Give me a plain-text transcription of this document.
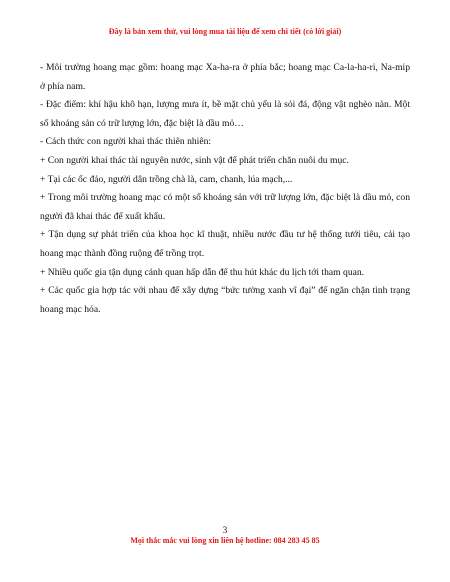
Đây là bản xem thử, vui lòng mua tài liệu để xem chi tiết (có lời giải)

- Môi trường hoang mạc gồm: hoang mạc Xa-ha-ra ở phía bắc; hoang mạc Ca-la-ha-ri, Na-mip ở phía nam.

- Đặc điểm: khí hậu khô hạn, lượng mưa ít, bề mặt chủ yếu là sỏi đá, động vật nghèo nàn. Một số khoáng sản có trữ lượng lớn, đặc biệt là dầu mỏ…

- Cách thức con người khai thác thiên nhiên:

+ Con người khai thác tài nguyên nước, sinh vật để phát triển chăn nuôi du mục.

+ Tại các ốc đảo, người dân trồng chà là, cam, chanh, lúa mạch,...

+ Trong môi trường hoang mạc có một số khoáng sản với trữ lượng lớn, đặc biệt là dầu mỏ, con người đã khai thác để xuất khẩu.

+ Tận dụng sự phát triển của khoa học kĩ thuật, nhiều nước đầu tư hệ thống tưới tiêu, cải tạo hoang mạc thành đồng ruộng để trồng trọt.

+ Nhiều quốc gia tận dụng cảnh quan hấp dẫn để thu hút khác du lịch tới tham quan.

+ Các quốc gia hợp tác với nhau để xây dựng “bức tường xanh vĩ đại” để ngăn chặn tình trạng hoang mạc hóa.

3
Mọi thắc mắc vui lòng xin liên hệ hotline: 084 283 45 85
